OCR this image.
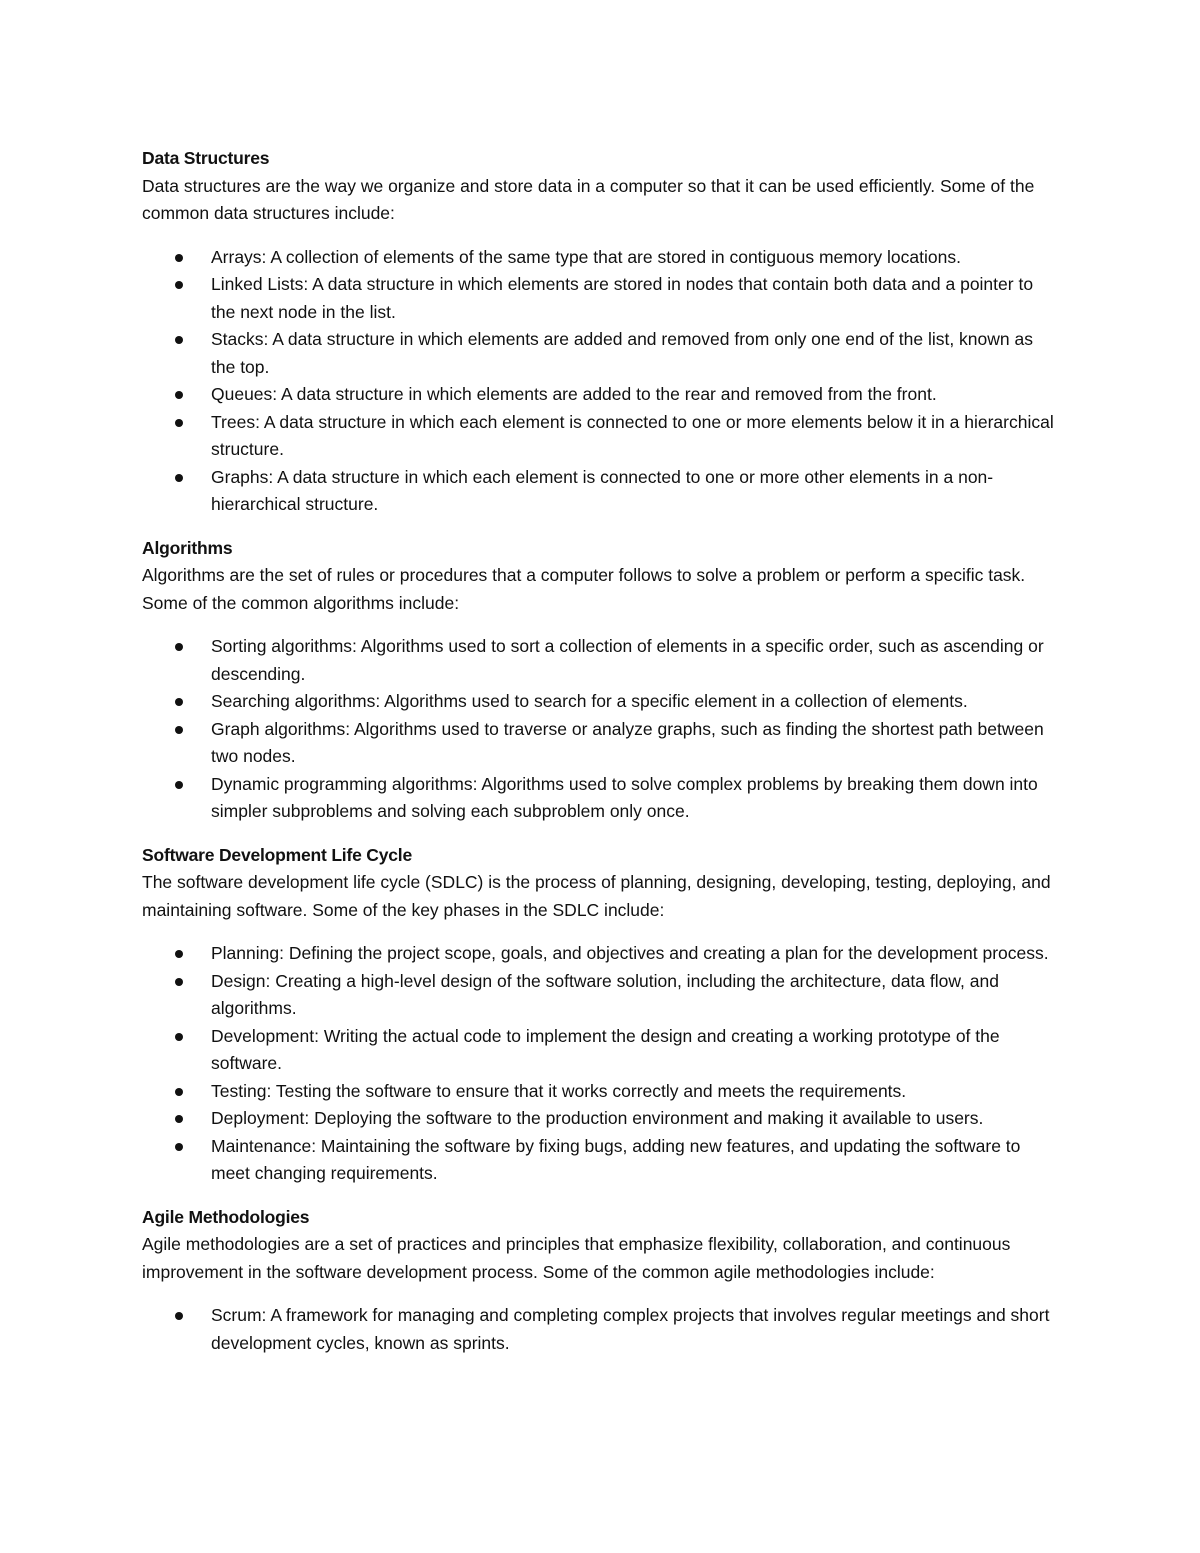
Data Structures

Data structures are the way we organize and store data in a computer so that it can be used efficiently. Some of the common data structures include:

Arrays: A collection of elements of the same type that are stored in contiguous memory locations.
Linked Lists: A data structure in which elements are stored in nodes that contain both data and a pointer to the next node in the list.
Stacks: A data structure in which elements are added and removed from only one end of the list, known as the top.
Queues: A data structure in which elements are added to the rear and removed from the front.
Trees: A data structure in which each element is connected to one or more elements below it in a hierarchical structure.
Graphs: A data structure in which each element is connected to one or more other elements in a non-hierarchical structure.

Algorithms

Algorithms are the set of rules or procedures that a computer follows to solve a problem or perform a specific task. Some of the common algorithms include:

Sorting algorithms: Algorithms used to sort a collection of elements in a specific order, such as ascending or descending.
Searching algorithms: Algorithms used to search for a specific element in a collection of elements.
Graph algorithms: Algorithms used to traverse or analyze graphs, such as finding the shortest path between two nodes.
Dynamic programming algorithms: Algorithms used to solve complex problems by breaking them down into simpler subproblems and solving each subproblem only once.

Software Development Life Cycle

The software development life cycle (SDLC) is the process of planning, designing, developing, testing, deploying, and maintaining software. Some of the key phases in the SDLC include:

Planning: Defining the project scope, goals, and objectives and creating a plan for the development process.
Design: Creating a high-level design of the software solution, including the architecture, data flow, and algorithms.
Development: Writing the actual code to implement the design and creating a working prototype of the software.
Testing: Testing the software to ensure that it works correctly and meets the requirements.
Deployment: Deploying the software to the production environment and making it available to users.
Maintenance: Maintaining the software by fixing bugs, adding new features, and updating the software to meet changing requirements.

Agile Methodologies

Agile methodologies are a set of practices and principles that emphasize flexibility, collaboration, and continuous improvement in the software development process. Some of the common agile methodologies include:

Scrum: A framework for managing and completing complex projects that involves regular meetings and short development cycles, known as sprints.
